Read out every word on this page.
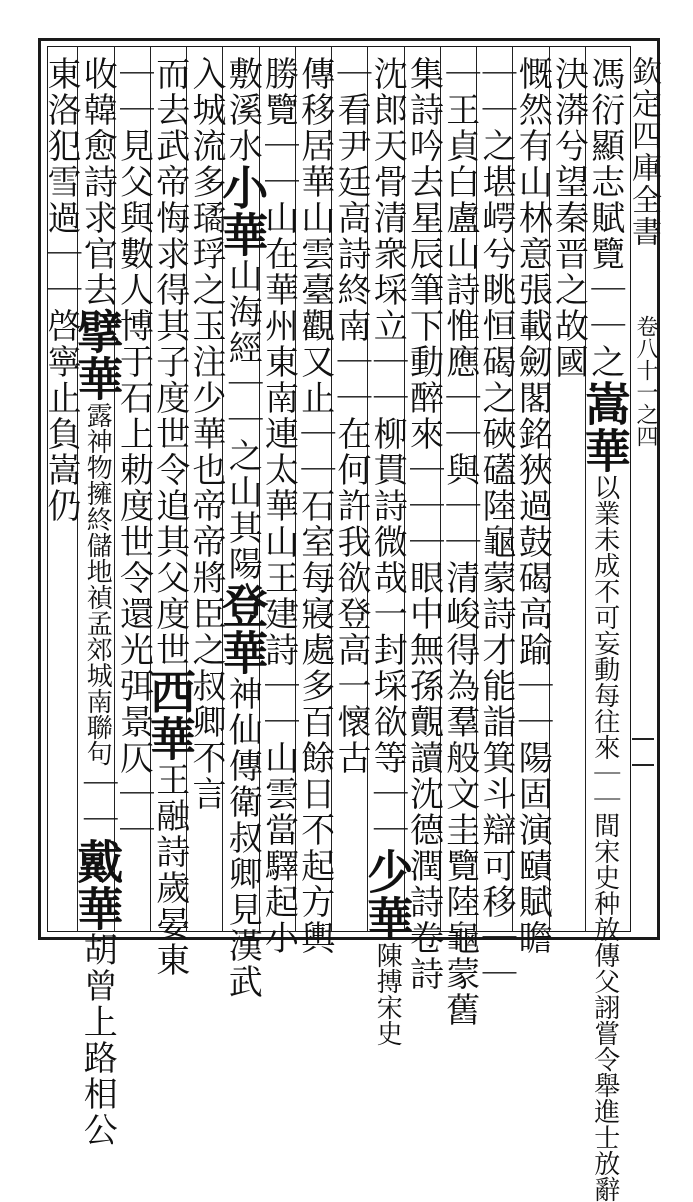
欽定四庫全書
卷八十一之四
馮衍顯志賦覽｜｜之嵩華
宋史种放傳父詡嘗令舉進士放辭
以業未成不可妄動每往來｜｜間
決漭兮望秦晋之故國
慨然有山林意張載劒閣銘狹過鼓碣高踰｜｜陽固演賾賦瞻
｜｜之堪崿兮眺恒碣之硤礚陸龜蒙詩才能詣箕斗辯可移｜｜
｜王貞白盧山詩惟應｜｜與｜｜清峻得為羣般文圭覽陸龜蒙舊
集詩吟去星辰筆下動醉來｜｜｜眼中無孫覿讀沈德潤詩卷詩
沈郎天骨清衆埰立｜｜柳貫詩微哉一封埰欲等｜｜少華
宋史
陳搏
｜看尹廷高詩終南｜｜在何許我欲登高一懷古
傳移居華山雲臺觀又止｜｜石室每寢處多百餘日不起方輿
勝覽｜｜山在華州東南連太華山王建詩｜｜山雲當驛起小
敷溪水小華山海經｜｜之山其陽登華神仙傳衛叔卿見漢武
入城流多璚琈之玉注少華也帝帝將臣之叔卿不言
而去武帝悔求得其子度世令追其父度世西華王融詩歲晏東
｜｜見父與數人博于石上勅度世令還光弭景仄｜｜
收韓愈詩求官去擘華
孟郊城南聯句
露神物擁終儲地禎
｜｜戴華胡曾上路相公
東洛犯雪過｜｜啓寧止負嵩仍
